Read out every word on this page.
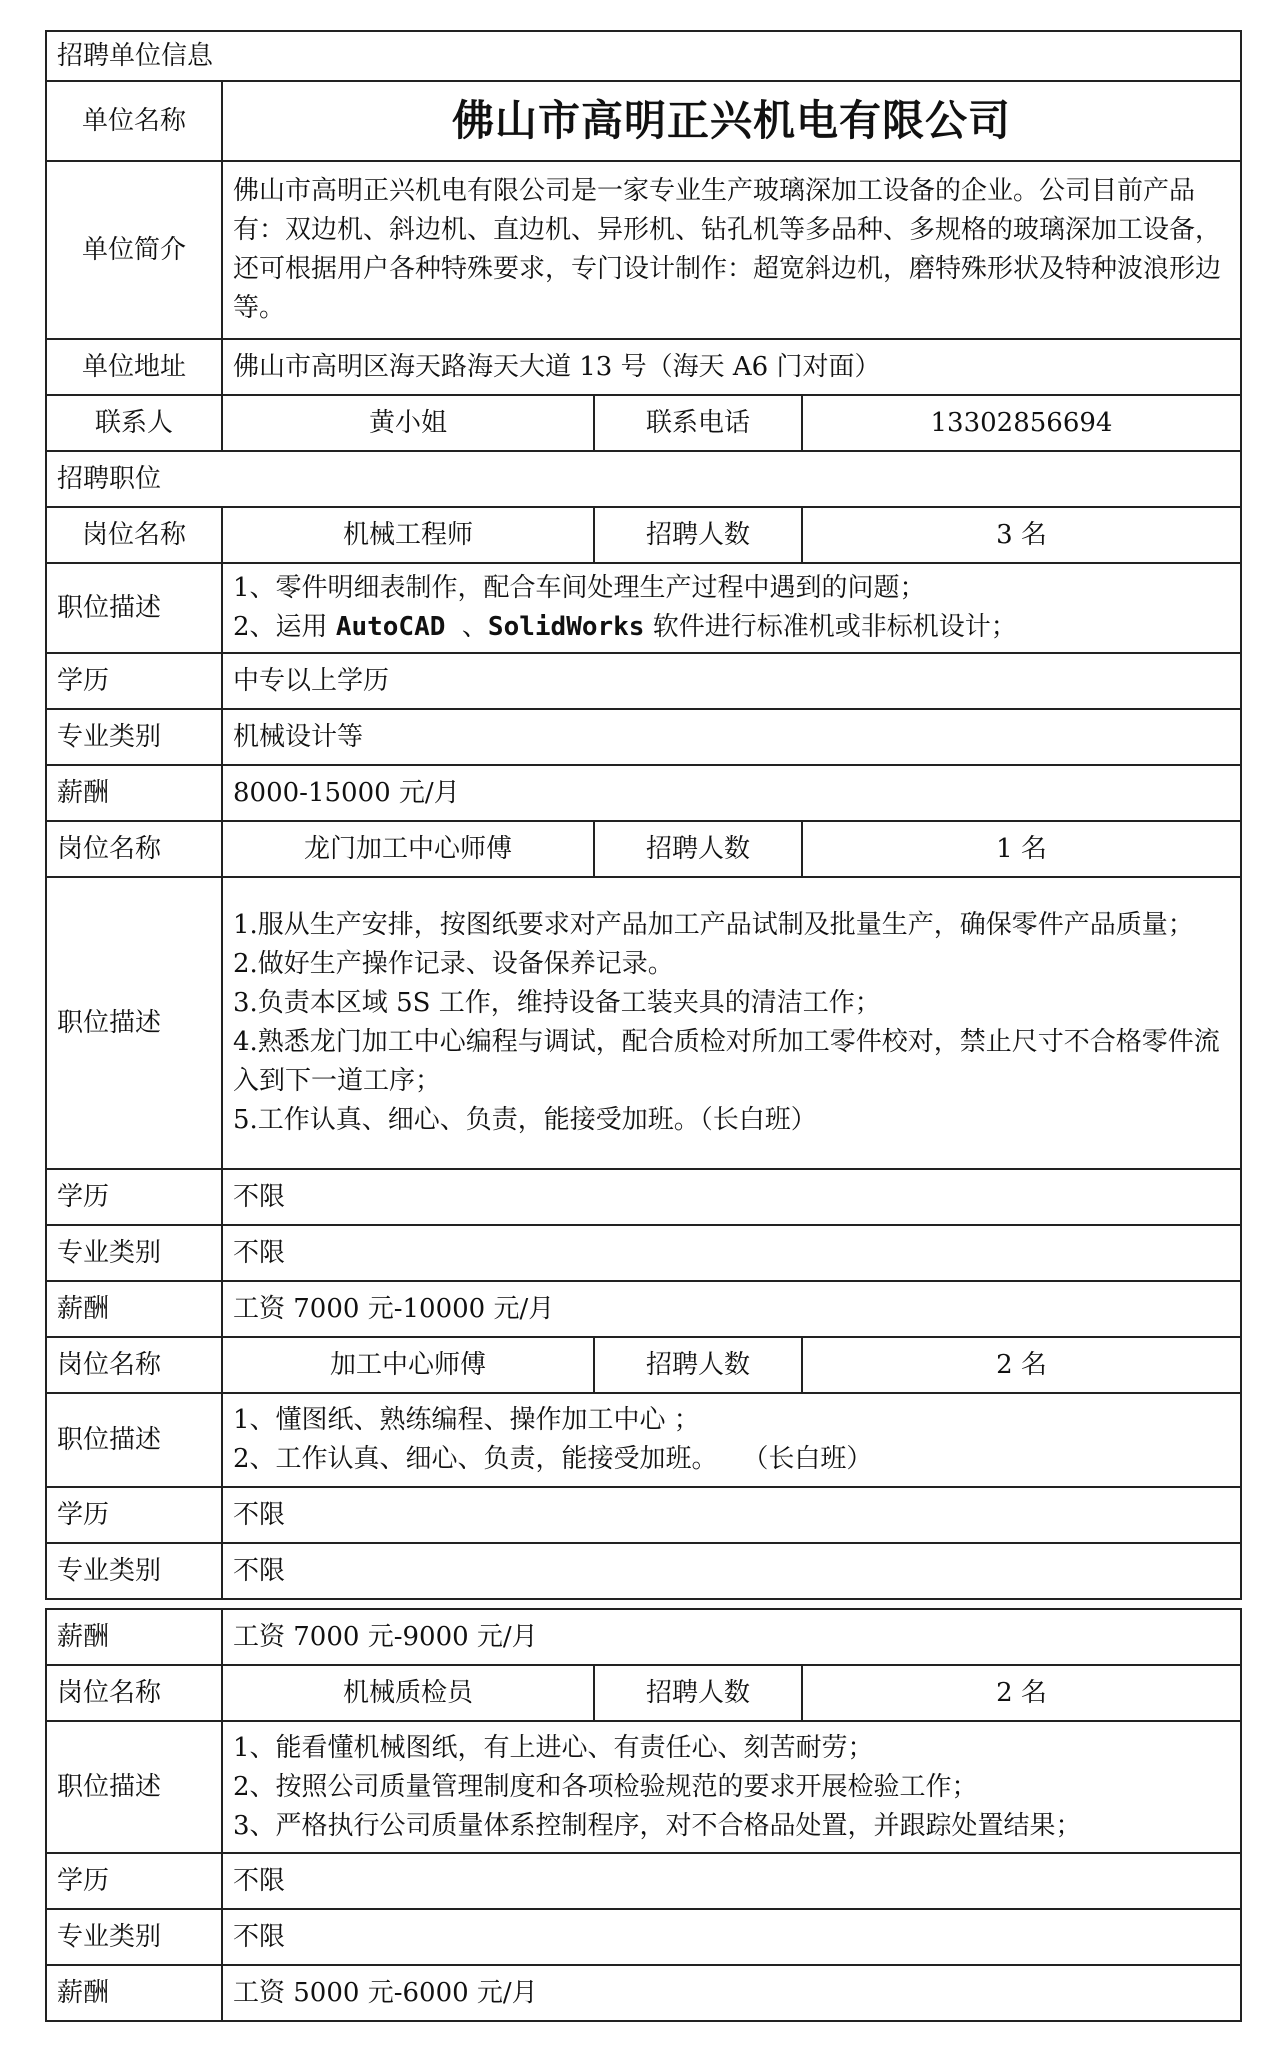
招聘单位信息			
单位名称	佛山市高明正兴机电有限公司		
单位简介	佛山市高明正兴机电有限公司是一家专业生产玻璃深加工设备的企业。公司目前产品有：双边机、斜边机、直边机、异形机、钻孔机等多品种、多规格的玻璃深加工设备，还可根据用户各种特殊要求，专门设计制作：超宽斜边机，磨特殊形状及特种波浪形边等。		
单位地址	佛山市高明区海天路海天大道 13 号（海天 A6 门对面）		
联系人	黄小姐	联系电话	13302856694
招聘职位			
岗位名称	机械工程师	招聘人数	3 名
职位描述	1、零件明细表制作，配合车间处理生产过程中遇到的问题；
2、运用 AutoCAD  、SolidWorks 软件进行标准机或非标机设计；		

学历	中专以上学历		
专业类别	机械设计等		
薪酬	8000-15000 元/月		
岗位名称	龙门加工中心师傅	招聘人数	1 名
职位描述	1.服从生产安排，按图纸要求对产品加工产品试制及批量生产，确保零件产品质量；
2.做好生产操作记录、设备保养记录。
3.负责本区域 5S 工作，维持设备工装夹具的清洁工作；
4.熟悉龙门加工中心编程与调试，配合质检对所加工零件校对，禁止尺寸不合格零件流入到下一道工序；
5.工作认真、细心、负责，能接受加班。（长白班）		

学历	不限		
专业类别	不限		
薪酬	工资 7000 元-10000 元/月		
岗位名称	加工中心师傅	招聘人数	2 名
职位描述	1、懂图纸、熟练编程、操作加工中心 ；
2、工作认真、细心、负责，能接受加班。   （长白班）		

学历	不限		
专业类别	不限		
薪酬	工资 7000 元-9000 元/月		
岗位名称	机械质检员	招聘人数	2 名
职位描述	1、能看懂机械图纸，有上进心、有责任心、刻苦耐劳；
2、按照公司质量管理制度和各项检验规范的要求开展检验工作；
3、严格执行公司质量体系控制程序，对不合格品处置，并跟踪处置结果；		

学历	不限		
专业类别	不限		
薪酬	工资 5000 元-6000 元/月		
